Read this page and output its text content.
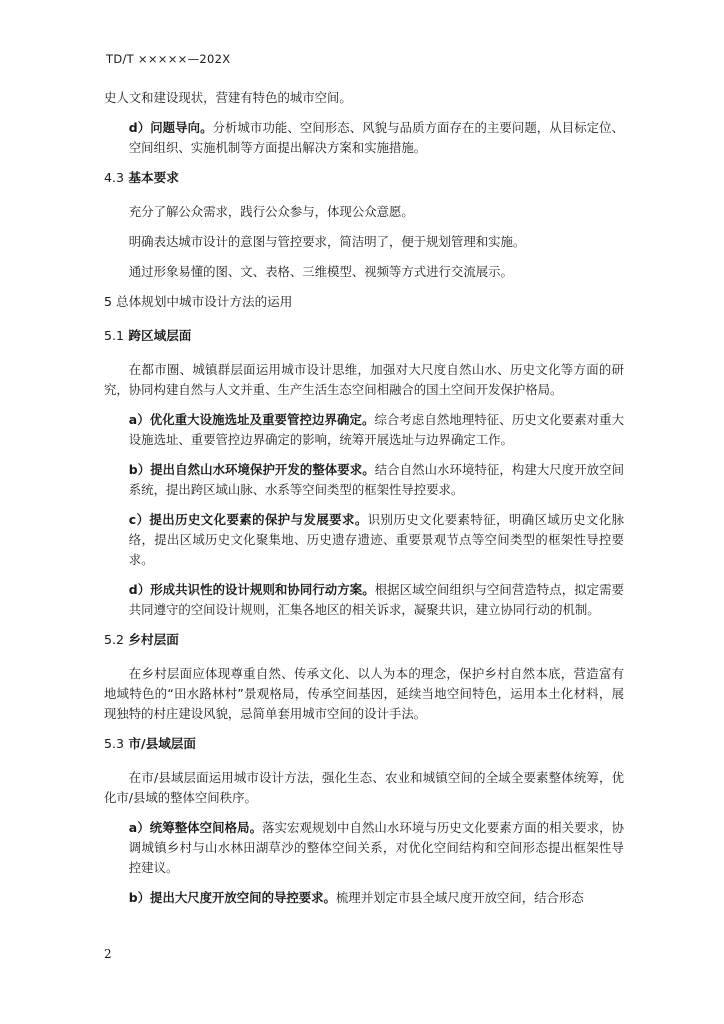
TD/T ×××××—202X
史人文和建设现状，营建有特色的城市空间。
d）问题导向。分析城市功能、空间形态、风貌与品质方面存在的主要问题，从目标定位、空间组织、实施机制等方面提出解决方案和实施措施。
4.3 基本要求
充分了解公众需求，践行公众参与，体现公众意愿。
明确表达城市设计的意图与管控要求，简洁明了，便于规划管理和实施。
通过形象易懂的图、文、表格、三维模型、视频等方式进行交流展示。
5 总体规划中城市设计方法的运用
5.1 跨区域层面
在都市圈、城镇群层面运用城市设计思维，加强对大尺度自然山水、历史文化等方面的研究，协同构建自然与人文并重、生产生活生态空间相融合的国土空间开发保护格局。
a）优化重大设施选址及重要管控边界确定。综合考虑自然地理特征、历史文化要素对重大设施选址、重要管控边界确定的影响，统筹开展选址与边界确定工作。
b）提出自然山水环境保护开发的整体要求。结合自然山水环境特征，构建大尺度开放空间系统，提出跨区域山脉、水系等空间类型的框架性导控要求。
c）提出历史文化要素的保护与发展要求。识别历史文化要素特征，明确区域历史文化脉络，提出区域历史文化聚集地、历史遗存遗迹、重要景观节点等空间类型的框架性导控要求。
d）形成共识性的设计规则和协同行动方案。根据区域空间组织与空间营造特点，拟定需要共同遵守的空间设计规则，汇集各地区的相关诉求，凝聚共识，建立协同行动的机制。
5.2 乡村层面
在乡村层面应体现尊重自然、传承文化、以人为本的理念，保护乡村自然本底，营造富有地域特色的“田水路林村”景观格局，传承空间基因，延续当地空间特色，运用本土化材料，展现独特的村庄建设风貌，忌简单套用城市空间的设计手法。
5.3 市/县域层面
在市/县域层面运用城市设计方法，强化生态、农业和城镇空间的全域全要素整体统筹，优化市/县域的整体空间秩序。
a）统筹整体空间格局。落实宏观规划中自然山水环境与历史文化要素方面的相关要求，协调城镇乡村与山水林田湖草沙的整体空间关系，对优化空间结构和空间形态提出框架性导控建议。
b）提出大尺度开放空间的导控要求。梳理并划定市县全域尺度开放空间，结合形态
2
